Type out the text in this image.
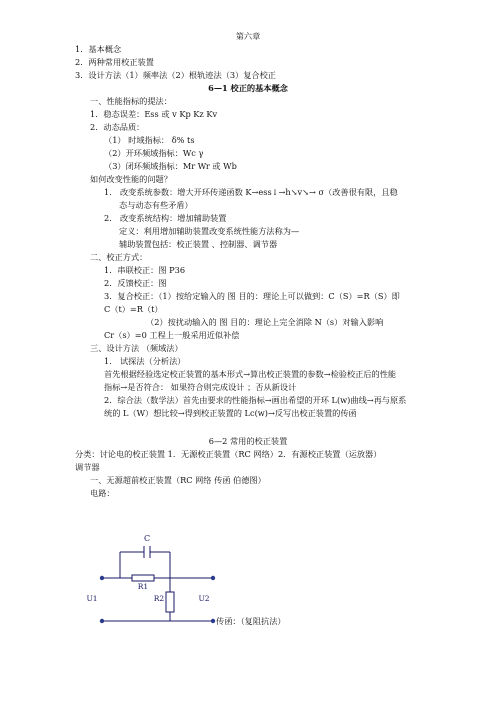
第六章
1．基本概念
2．两种常用校正装置
3．设计方法（1）频率法（2）根轨迹法（3）复合校正
6—1 校正的基本概念
一、性能指标的提法：
1．稳态误差：Ess 或 v Kp Kz Kv
2．动态品质：
（1） 时域指标： δ% ts
（2）开环频域指标：Wc γ
（3）闭环频域指标：Mr Wr 或 Wb
如何改变性能的问题？
1． 改变系统参数：增大开环传递函数 K→ess↓→h↘v↘→ σ（改善很有限，且稳
态与动态有些矛盾）
2． 改变系统结构：增加辅助装置
定义：利用增加辅助装置改变系统性能方法称为—
辅助装置包括：校正装置 、控制器、调节器
二、校正方式：
1．串联校正：图 P36
2．反馈校正：图
3．复合校正：（1）按给定输入的 图 目的：理论上可以做到：C（S）=R（S）即
C（t）=R（t）
（2）按扰动输入的 图 目的：理论上完全消除 N（s）对输入影响
Cr（s）=0 工程上一般采用近似补偿
三、设计方法 （频域法）
1． 试探法（分析法）
首先根据经验选定校正装置的基本形式→算出校正装置的参数→检验校正后的性能
指标→是否符合： 如果符合则完成设计 ；否从新设计
2．综合法（数学法）首先由要求的性能指标→画出希望的开环 L(w)曲线→再与原系
统的 L（W）想比较→得到校正装置的 Lc(w)→反写出校正装置的传函
6—2 常用的校正装置
分类：讨论电的校正装置 1．无源校正装置（RC 网络）2．有源校正装置（运放器）
调节器
一、无源超前校正装置（RC 网络 传函 伯德图）
电路：
C
R1
R2
U1	U2
传函：（复阻抗法）
